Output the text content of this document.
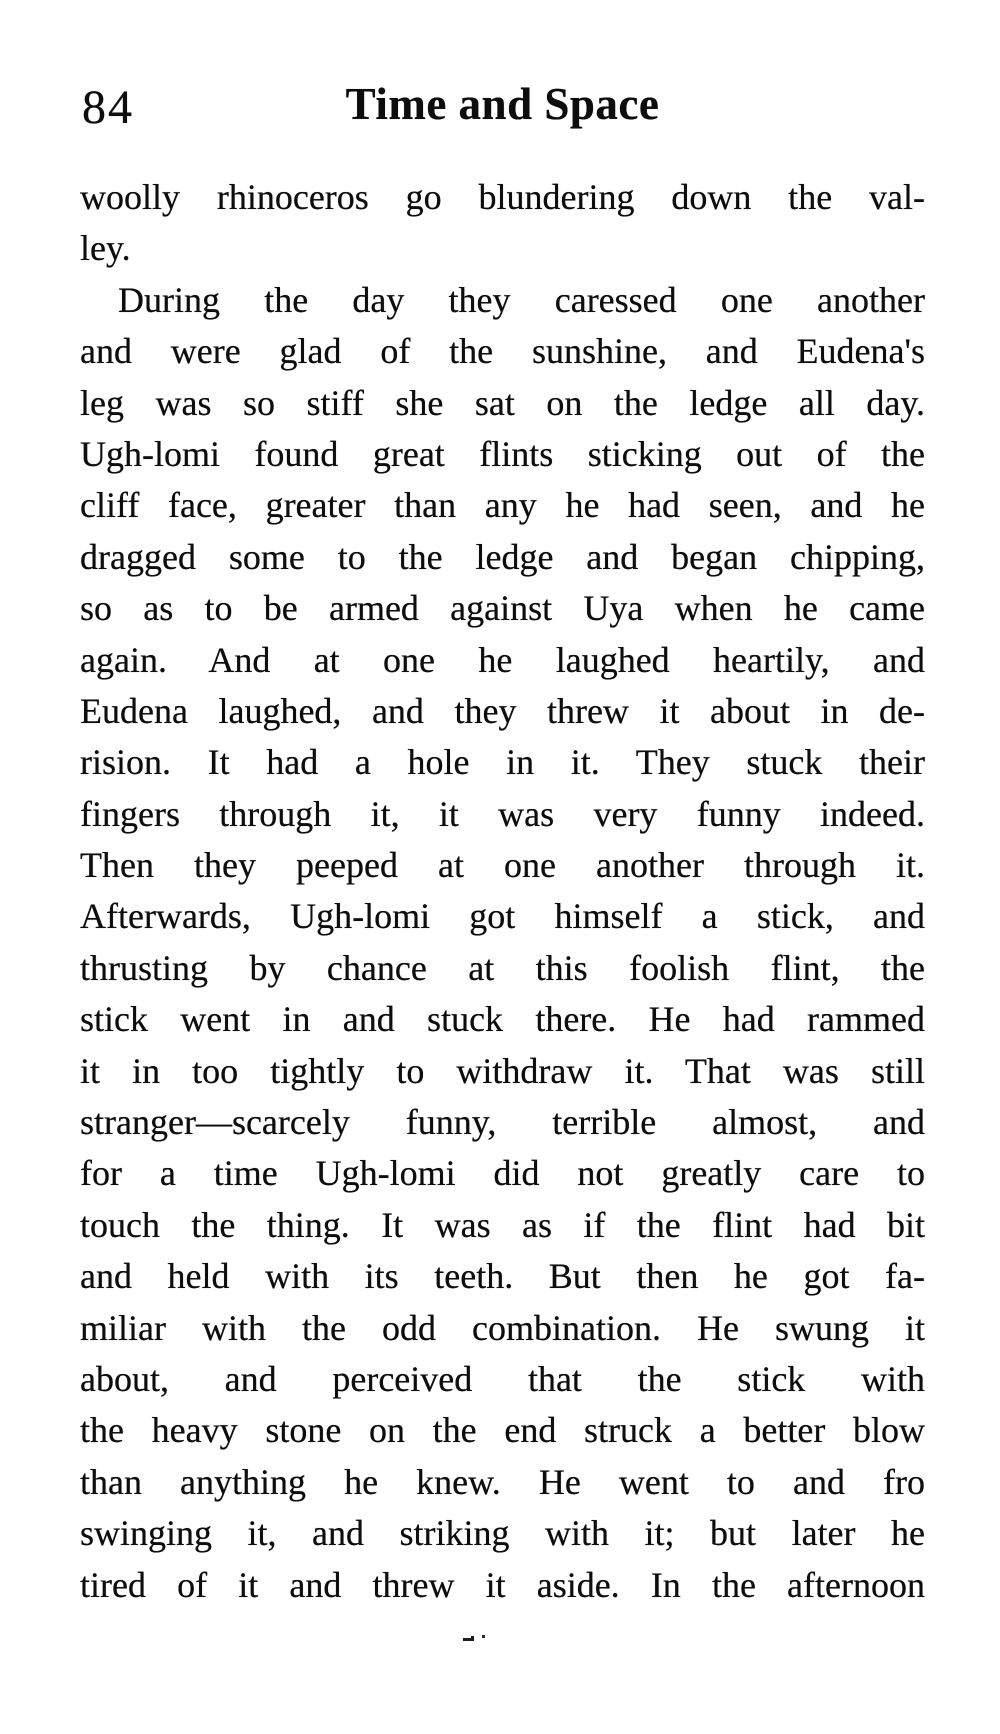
84	Time and Space
woolly rhinoceros go blundering down the val-
ley.
During the day they caressed one another
and were glad of the sunshine, and Eudena's
leg was so stiff she sat on the ledge all day.
Ugh-lomi found great flints sticking out of the
cliff face, greater than any he had seen, and he
dragged some to the ledge and began chipping,
so as to be armed against Uya when he came
again. And at one he laughed heartily, and
Eudena laughed, and they threw it about in de-
rision. It had a hole in it. They stuck their
fingers through it, it was very funny indeed.
Then they peeped at one another through it.
Afterwards, Ugh-lomi got himself a stick, and
thrusting by chance at this foolish flint, the
stick went in and stuck there. He had rammed
it in too tightly to withdraw it. That was still
stranger—scarcely funny, terrible almost, and
for a time Ugh-lomi did not greatly care to
touch the thing. It was as if the flint had bit
and held with its teeth. But then he got fa-
miliar with the odd combination. He swung it
about, and perceived that the stick with
the heavy stone on the end struck a better blow
than anything he knew. He went to and fro
swinging it, and striking with it; but later he
tired of it and threw it aside. In the afternoon
